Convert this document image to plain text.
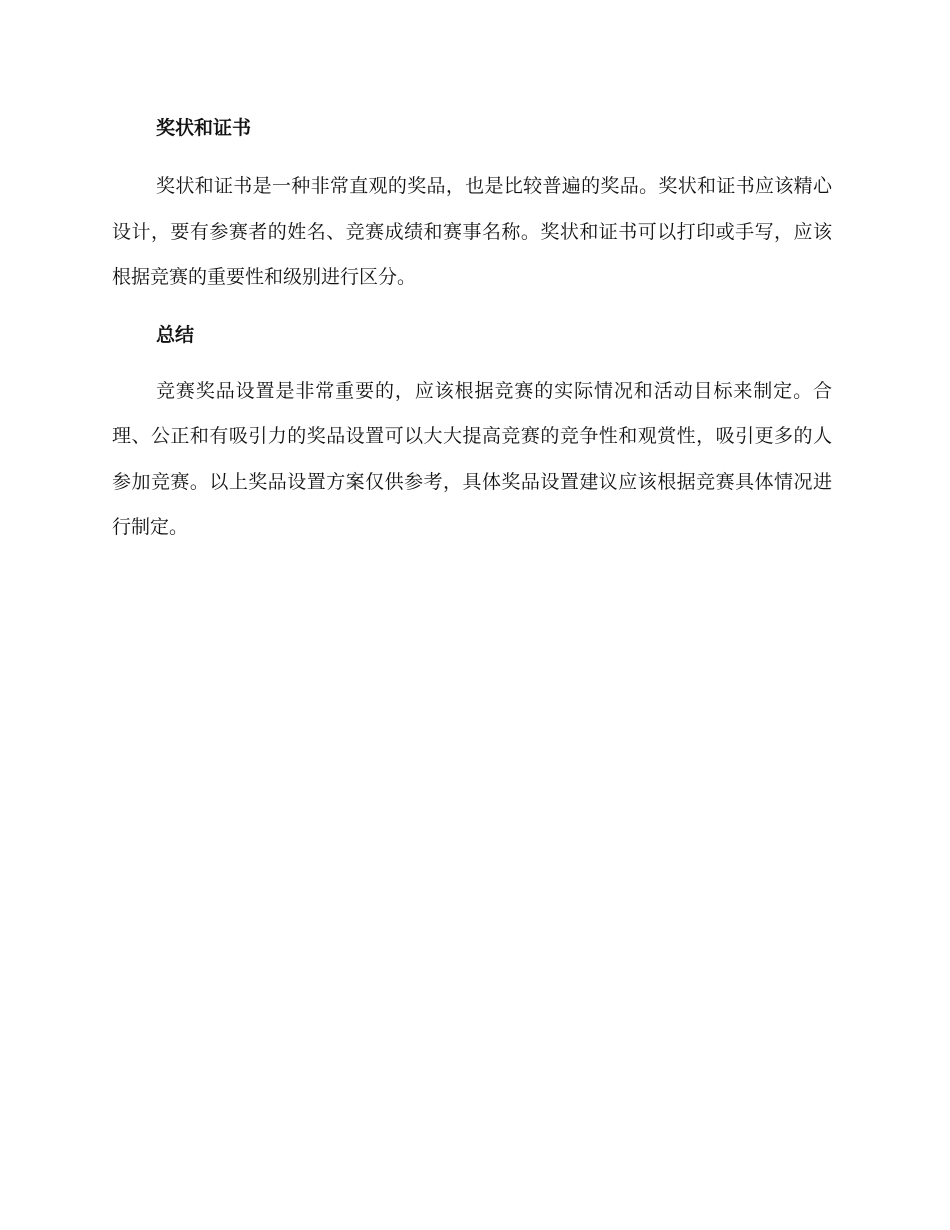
奖状和证书

奖状和证书是一种非常直观的奖品，也是比较普遍的奖品。奖状和证书应该精心设计，要有参赛者的姓名、竞赛成绩和赛事名称。奖状和证书可以打印或手写，应该根据竞赛的重要性和级别进行区分。

总结

竞赛奖品设置是非常重要的，应该根据竞赛的实际情况和活动目标来制定。合理、公正和有吸引力的奖品设置可以大大提高竞赛的竞争性和观赏性，吸引更多的人参加竞赛。以上奖品设置方案仅供参考，具体奖品设置建议应该根据竞赛具体情况进行制定。
